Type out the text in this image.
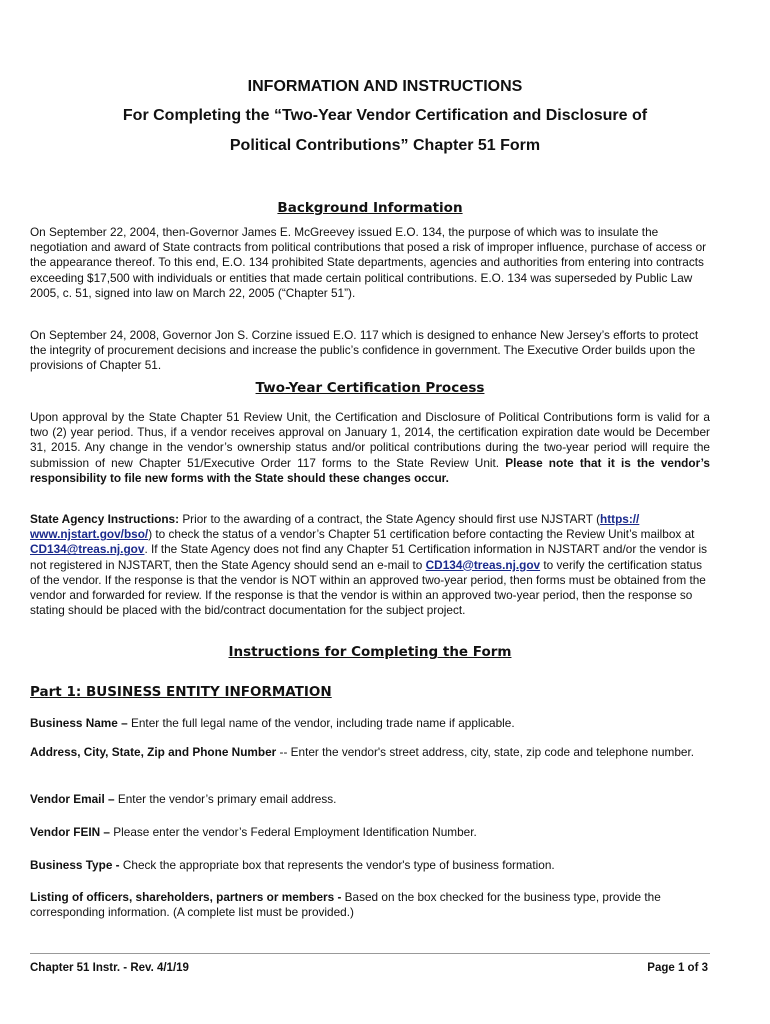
INFORMATION AND INSTRUCTIONS
For Completing the “Two-Year Vendor Certification and Disclosure of
Political Contributions” Chapter 51 Form
Background Information
On September 22, 2004, then-Governor James E. McGreevey issued E.O. 134, the purpose of which was to insulate the negotiation and award of State contracts from political contributions that posed a risk of improper influence, purchase of access or the appearance thereof. To this end, E.O. 134 prohibited State departments, agencies and authorities from entering into contracts exceeding $17,500 with individuals or entities that made certain political contributions. E.O. 134 was superseded by Public Law 2005, c. 51, signed into law on March 22, 2005 (“Chapter 51”).
On September 24, 2008, Governor Jon S. Corzine issued E.O. 117 which is designed to enhance New Jersey’s efforts to protect the integrity of procurement decisions and increase the public’s confidence in government. The Executive Order builds upon the provisions of Chapter 51.
Two-Year Certification Process
Upon approval by the State Chapter 51 Review Unit, the Certification and Disclosure of Political Contributions form is valid for a two (2) year period. Thus, if a vendor receives approval on January 1, 2014, the certification expiration date would be December 31, 2015. Any change in the vendor’s ownership status and/or political contributions during the two-year period will require the submission of new Chapter 51/Executive Order 117 forms to the State Review Unit. Please note that it is the vendor’s responsibility to file new forms with the State should these changes occur.
State Agency Instructions: Prior to the awarding of a contract, the State Agency should first use NJSTART (https:// www.njstart.gov/bso/) to check the status of a vendor’s Chapter 51 certification before contacting the Review Unit’s mailbox at CD134@treas.nj.gov. If the State Agency does not find any Chapter 51 Certification information in NJSTART and/or the vendor is not registered in NJSTART, then the State Agency should send an e-mail to CD134@treas.nj.gov to verify the certification status of the vendor. If the response is that the vendor is NOT within an approved two-year period, then forms must be obtained from the vendor and forwarded for review. If the response is that the vendor is within an approved two-year period, then the response so stating should be placed with the bid/contract documentation for the subject project.
Instructions for Completing the Form
Part 1: BUSINESS ENTITY INFORMATION
Business Name – Enter the full legal name of the vendor, including trade name if applicable.
Address, City, State, Zip and Phone Number -- Enter the vendor's street address, city, state, zip code and telephone number.
Vendor Email – Enter the vendor’s primary email address.
Vendor FEIN – Please enter the vendor’s Federal Employment Identification Number.
Business Type - Check the appropriate box that represents the vendor's type of business formation.
Listing of officers, shareholders, partners or members - Based on the box checked for the business type, provide the corresponding information. (A complete list must be provided.)
Chapter 51 Instr. - Rev. 4/1/19	Page 1 of 3
